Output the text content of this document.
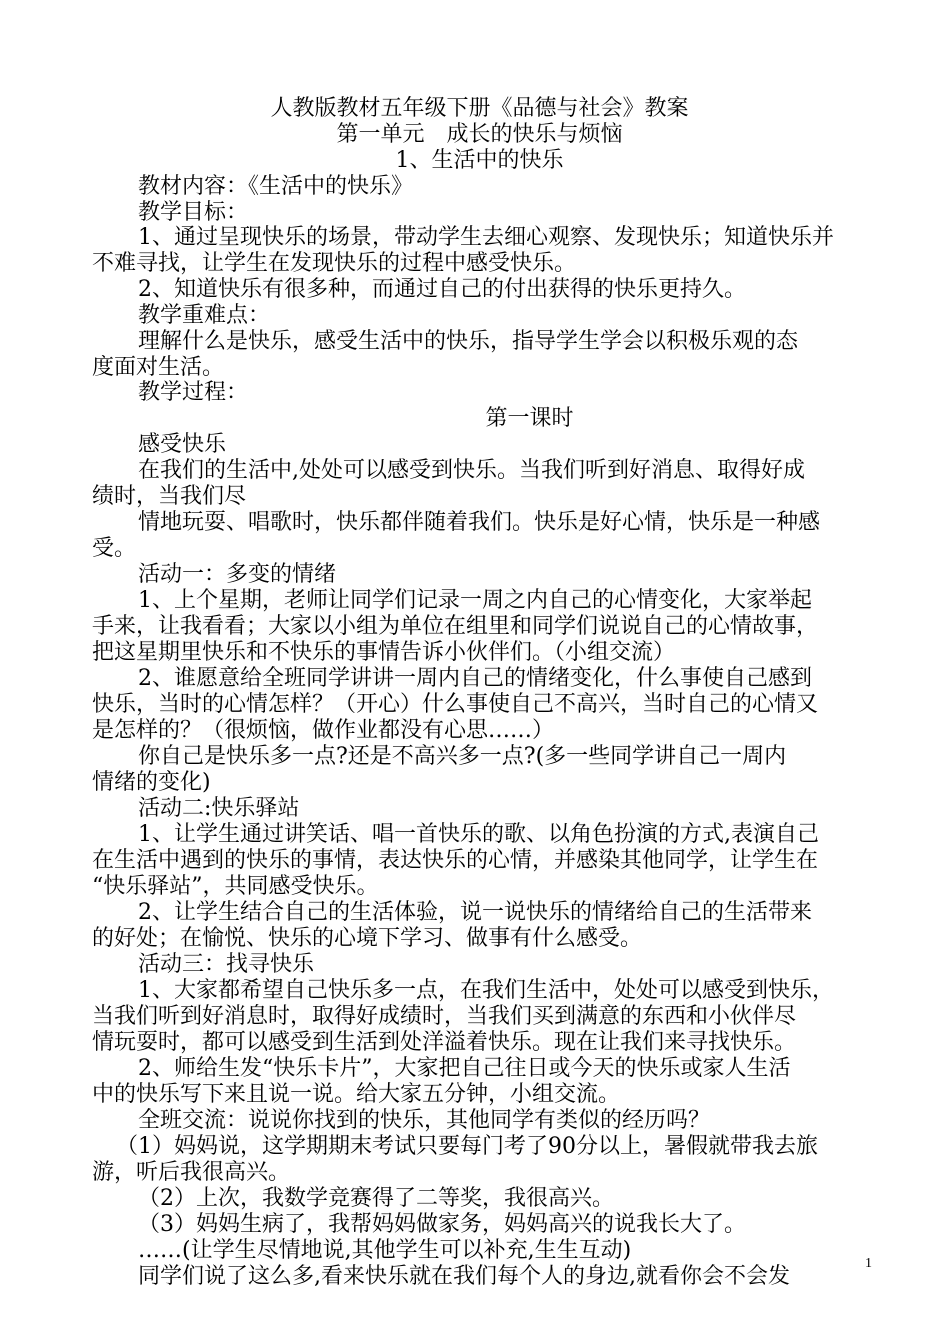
人教版教材五年级下册《品德与社会》教案
第一单元　成长的快乐与烦恼
1、生活中的快乐
教材内容：《生活中的快乐》
教学目标：
1、通过呈现快乐的场景，带动学生去细心观察、发现快乐；知道快乐并
不难寻找，让学生在发现快乐的过程中感受快乐。
2、知道快乐有很多种，而通过自己的付出获得的快乐更持久。
教学重难点：
理解什么是快乐，感受生活中的快乐，指导学生学会以积极乐观的态
度面对生活。
教学过程：
第一课时
感受快乐
在我们的生活中,处处可以感受到快乐。当我们听到好消息、取得好成
绩时，当我们尽
情地玩耍、唱歌时，快乐都伴随着我们。快乐是好心情，快乐是一种感
受。
活动一：多变的情绪
1、上个星期，老师让同学们记录一周之内自己的心情变化，大家举起
手来，让我看看；大家以小组为单位在组里和同学们说说自己的心情故事，
把这星期里快乐和不快乐的事情告诉小伙伴们。（小组交流）
2、谁愿意给全班同学讲讲一周内自己的情绪变化，什么事使自己感到
快乐，当时的心情怎样？（开心）什么事使自己不高兴，当时自己的心情又
是怎样的？（很烦恼，做作业都没有心思……）
你自己是快乐多一点?还是不高兴多一点?(多一些同学讲自己一周内
情绪的变化)
活动二:快乐驿站
1、让学生通过讲笑话、唱一首快乐的歌、以角色扮演的方式,表演自己
在生活中遇到的快乐的事情，表达快乐的心情，并感染其他同学，让学生在
“快乐驿站”，共同感受快乐。
2、让学生结合自己的生活体验，说一说快乐的情绪给自己的生活带来
的好处；在愉悦、快乐的心境下学习、做事有什么感受。
活动三：找寻快乐
1、大家都希望自己快乐多一点，在我们生活中，处处可以感受到快乐，
当我们听到好消息时，取得好成绩时，当我们买到满意的东西和小伙伴尽
情玩耍时，都可以感受到生活到处洋溢着快乐。现在让我们来寻找快乐。
2、师给生发“快乐卡片”，大家把自己往日或今天的快乐或家人生活
中的快乐写下来且说一说。给大家五分钟，小组交流。
全班交流：说说你找到的快乐，其他同学有类似的经历吗？
（1）妈妈说，这学期期末考试只要每门考了90分以上，暑假就带我去旅
游，听后我很高兴。
（2）上次，我数学竞赛得了二等奖，我很高兴。
（3）妈妈生病了，我帮妈妈做家务，妈妈高兴的说我长大了。
……(让学生尽情地说,其他学生可以补充,生生互动)
同学们说了这么多,看来快乐就在我们每个人的身边,就看你会不会发
1
